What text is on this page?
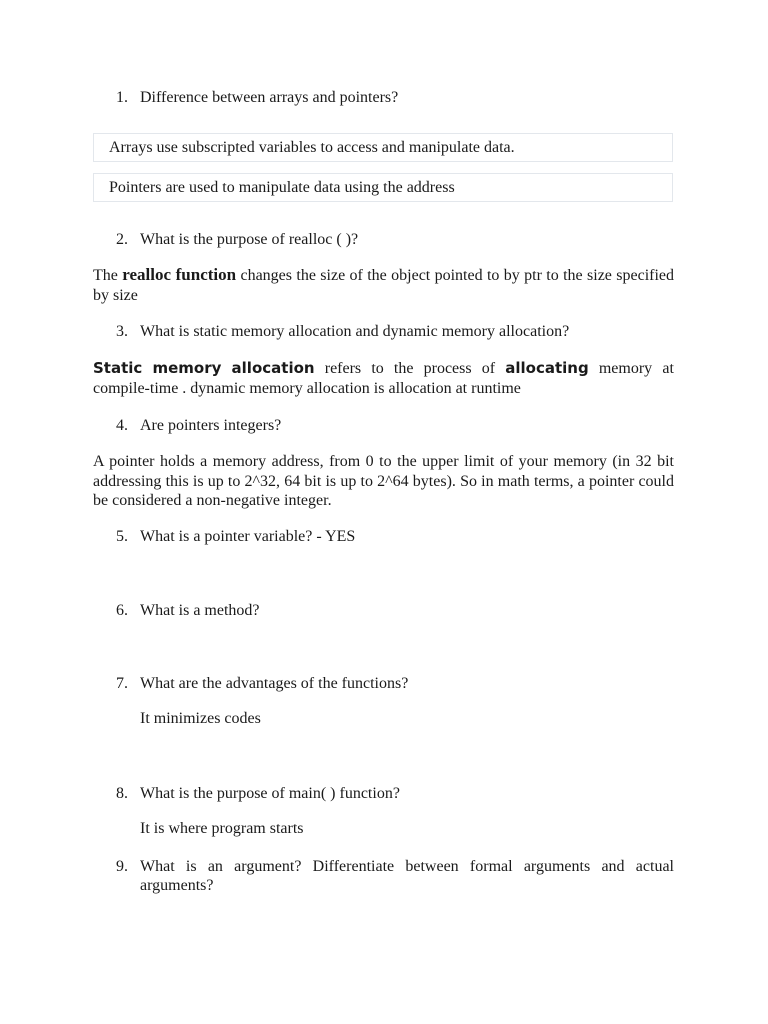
1. Difference between arrays and pointers?
Arrays use subscripted variables to access and manipulate data.
Pointers are used to manipulate data using the address
2. What is the purpose of realloc ( )?
The realloc function changes the size of the object pointed to by ptr to the size specified by size
3. What is static memory allocation and dynamic memory allocation?
Static memory allocation refers to the process of allocating memory at
compile-time . dynamic memory allocation is allocation at runtime
4. Are pointers integers?
A pointer holds a memory address, from 0 to the upper limit of your memory (in 32 bit addressing this is up to 2^32, 64 bit is up to 2^64 bytes). So in math terms, a pointer could be considered a non-negative integer.
5. What is a pointer variable? - YES
6. What is a method?
7. What are the advantages of the functions?
It minimizes codes
8. What is the purpose of main( ) function?
It is where program starts
9. What is an argument? Differentiate between formal arguments and actual arguments?
